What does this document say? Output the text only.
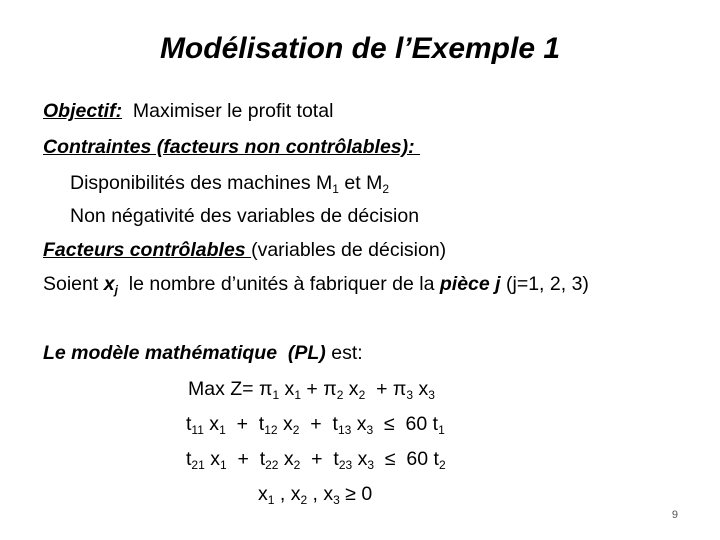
Modélisation de l’Exemple 1
Objectif:  Maximiser le profit total
Contraintes (facteurs non contrôlables):
Disponibilités des machines $M_1$ et $M_2$
Non négativité des variables de décision
Facteurs contrôlables (variables de décision)
Soient $x_j$  le nombre d’unités à fabriquer de la pièce j (j=1, 2, 3)
Le modèle mathématique  (PL) est:
Max $Z= \pi_1$ $x_1 + \pi_2$ $x_2 + \pi_3$ $x_3$
$t_{11}$ $x_1 + t_{12}$ $x_2 + t_{13}$ $x_3 \le 60$ $t_1$
$t_{21}$ $x_1 + t_{22}$ $x_2 + t_{23}$ $x_3 \le 60$ $t_2$
$x_1$ , $x_2$ , $x_3 \ge 0$
9
